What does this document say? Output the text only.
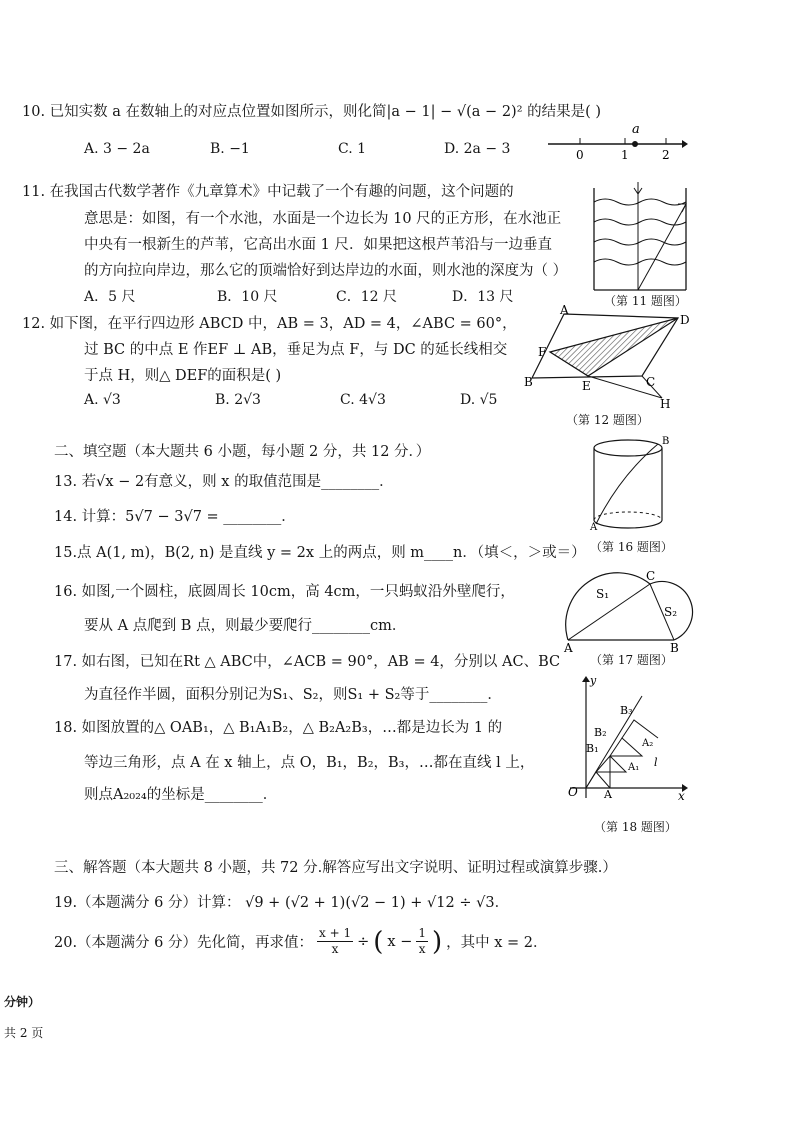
10. 已知实数 a 在数轴上的对应点位置如图所示，则化简|a − 1| − √(a − 2)² 的结果是( )
A. 3 − 2a	B. −1	C. 1	D. 2a − 3
a
0	1	2
11. 在我国古代数学著作《九章算术》中记载了一个有趣的问题，这个问题的
意思是：如图，有一个水池，水面是一个边长为 10 尺的正方形，在水池正
中央有一根新生的芦苇，它高出水面 1 尺．如果把这根芦苇沿与一边垂直
的方向拉向岸边，那么它的顶端恰好到达岸边的水面，则水池的深度为（ ）
A．5 尺	B．10 尺	C．12 尺	D．13 尺	（第 11 题图）
12. 如下图，在平行四边形 ABCD 中，AB = 3，AD = 4，∠ABC = 60°，
过 BC 的中点 E 作EF ⊥ AB，垂足为点 F，与 DC 的延长线相交
于点 H，则△ DEF的面积是( )
A. √3	B. 2√3	C. 4√3	D. √5
A
D
F
B	E	C
H
（第 12 题图）
二、填空题（本大题共 6 小题，每小题 2 分，共 12 分．）
13. 若√x − 2有意义，则 x 的取值范围是________．
14. 计算：5√7 − 3√7 = ________．
15.点 A(1, m)，B(2, n) 是直线 y = 2x 上的两点，则 m____n．（填＜，＞或＝）
B
A
（第 16 题图）
16. 如图,一个圆柱，底圆周长 10cm，高 4cm，一只蚂蚁沿外壁爬行，
要从 A 点爬到 B 点，则最少要爬行________cm．
S₁
C
S₂
A	B
（第 17 题图）
17. 如右图，已知在Rt △ ABC中，∠ACB = 90°，AB = 4，分别以 AC、BC
为直径作半圆，面积分别记为S₁、S₂，则S₁ + S₂等于________．
y
B₃
B₂
A₂
B₁
A₁ l
O A	x
（第 18 题图）
18. 如图放置的△ OAB₁，△ B₁A₁B₂，△ B₂A₂B₃，…都是边长为 1 的
等边三角形，点 A 在 x 轴上，点 O，B₁，B₂，B₃，…都在直线 l 上，
则点A₂₀₂₄的坐标是________．
三、解答题（本大题共 8 小题，共 72 分.解答应写出文字说明、证明过程或演算步骤.）
19.（本题满分 6 分）计算： √9 + (√2 + 1)(√2 − 1) + √12 ÷ √3．
20.（本题满分 6 分）先化简，再求值： $\frac{x + 1}{x}$ ÷ ( $x - \frac{1}{x}$ ) ，其中 x = 2．
分钟）
共 2 页
